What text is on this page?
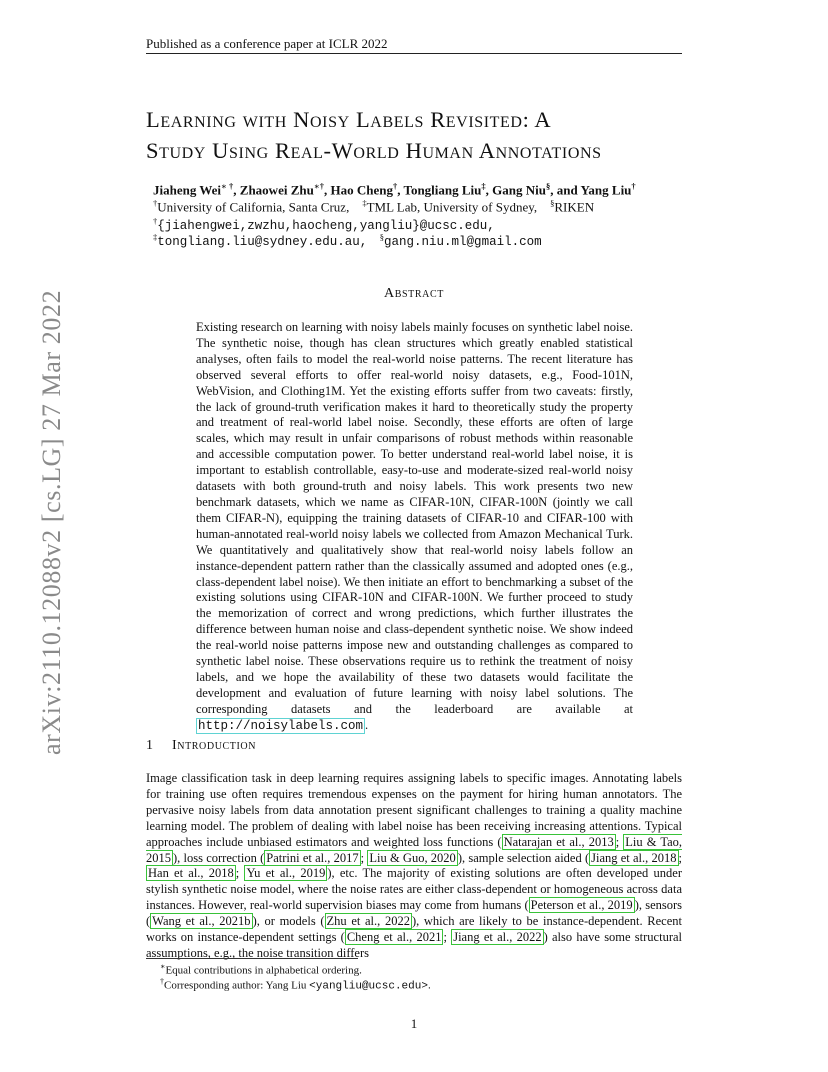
Published as a conference paper at ICLR 2022
arXiv:2110.12088v2 [cs.LG] 27 Mar 2022
Learning with Noisy Labels Revisited: A
Study Using Real-World Human Annotations
Jiaheng Wei∗ †, Zhaowei Zhu∗†, Hao Cheng†, Tongliang Liu‡, Gang Niu§, and Yang Liu†
†University of California, Santa Cruz, ‡TML Lab, University of Sydney, §RIKEN
†{jiahengwei,zwzhu,haocheng,yangliu}@ucsc.edu,
‡tongliang.liu@sydney.edu.au, §gang.niu.ml@gmail.com
Abstract

Existing research on learning with noisy labels mainly focuses on synthetic label noise. The synthetic noise, though has clean structures which greatly enabled statistical analyses, often fails to model the real-world noise patterns. The recent literature has observed several efforts to offer real-world noisy datasets, e.g., Food-101N, WebVision, and Clothing1M. Yet the existing efforts suffer from two caveats: firstly, the lack of ground-truth verification makes it hard to theoretically study the property and treatment of real-world label noise. Secondly, these efforts are often of large scales, which may result in unfair comparisons of robust methods within reasonable and accessible computation power. To better understand real-world label noise, it is important to establish controllable, easy-to-use and moderate-sized real-world noisy datasets with both ground-truth and noisy labels. This work presents two new benchmark datasets, which we name as CIFAR-10N, CIFAR-100N (jointly we call them CIFAR-N), equipping the training datasets of CIFAR-10 and CIFAR-100 with human-annotated real-world noisy labels we collected from Amazon Mechanical Turk. We quantitatively and qualitatively show that real-world noisy labels follow an instance-dependent pattern rather than the classically assumed and adopted ones (e.g., class-dependent label noise). We then initiate an effort to benchmarking a subset of the existing solutions using CIFAR-10N and CIFAR-100N. We further proceed to study the memorization of correct and wrong predictions, which further illustrates the difference between human noise and class-dependent synthetic noise. We show indeed the real-world noise patterns impose new and outstanding challenges as compared to synthetic label noise. These observations require us to rethink the treatment of noisy labels, and we hope the availability of these two datasets would facilitate the development and evaluation of future learning with noisy label solutions. The corresponding datasets and the leaderboard are available at http://noisylabels.com .

1 Introduction

Image classification task in deep learning requires assigning labels to specific images. Annotating labels for training use often requires tremendous expenses on the payment for hiring human annotators. The pervasive noisy labels from data annotation present significant challenges to training a quality machine learning model. The problem of dealing with label noise has been receiving increasing attentions. Typical approaches include unbiased estimators and weighted loss functions ( Natarajan et al., 2013 ; Liu & Tao, 2015 ), loss correction ( Patrini et al., 2017 ; Liu & Guo, 2020 ), sample selection aided ( Jiang et al., 2018 ; Han et al., 2018 ; Yu et al., 2019 ), etc. The majority of existing solutions are often developed under stylish synthetic noise model, where the noise rates are either class-dependent or homogeneous across data instances. However, real-world supervision biases may come from humans ( Peterson et al., 2019 ), sensors ( Wang et al., 2021b ), or models ( Zhu et al., 2022 ), which are likely to be instance-dependent. Recent works on instance-dependent settings ( Cheng et al., 2021 ; Jiang et al., 2022 ) also have some structural assumptions, e.g., the noise transition differs

∗Equal contributions in alphabetical ordering.
†Corresponding author: Yang Liu <yangliu@ucsc.edu>.
1
